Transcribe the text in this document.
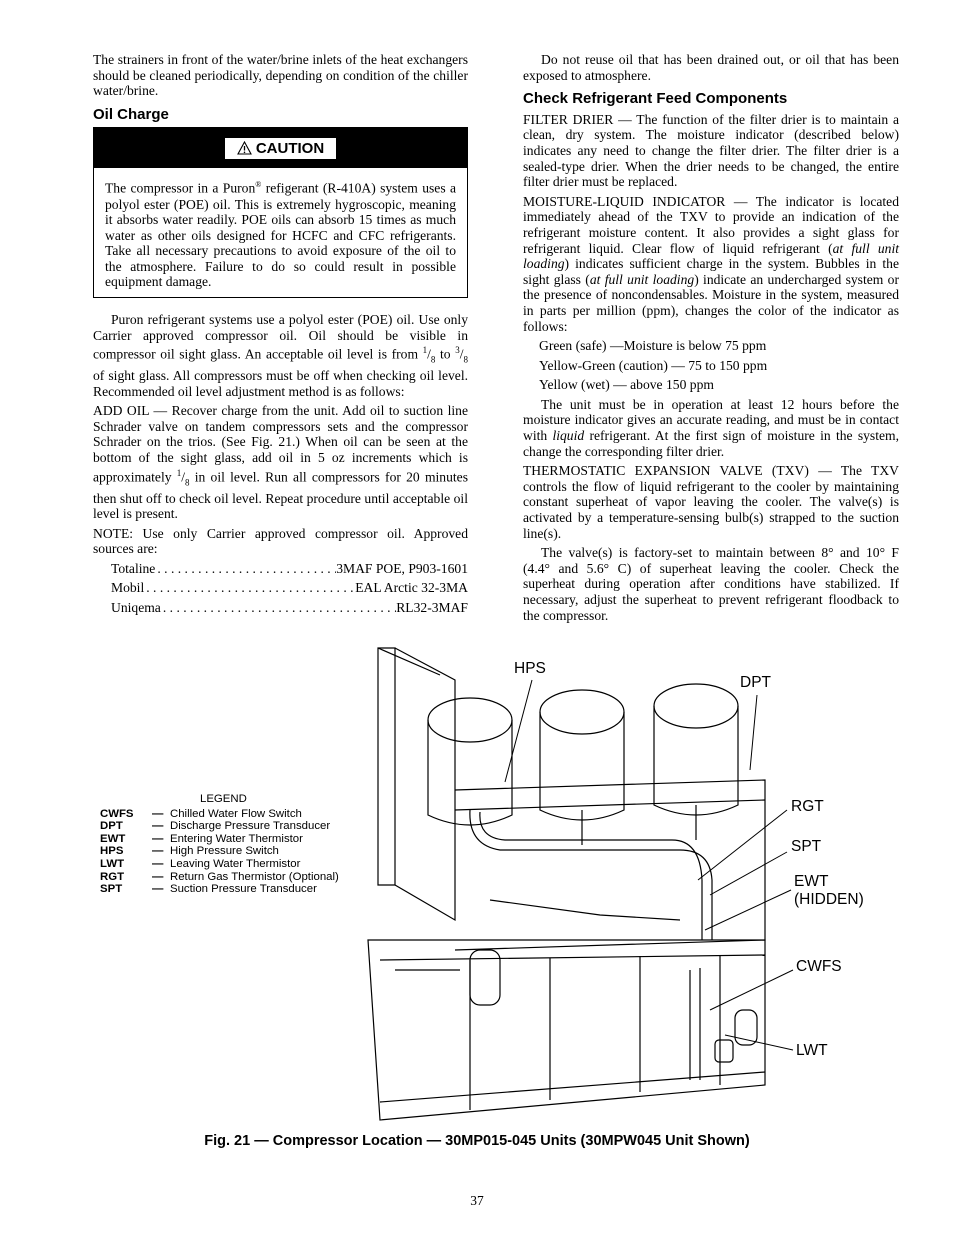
The strainers in front of the water/brine inlets of the heat exchangers should be cleaned periodically, depending on condition of the chiller water/brine.

Oil Charge
CAUTION
The compressor in a Puron® refigerant (R-410A) system uses a polyol ester (POE) oil. This is extremely hygroscopic, meaning it absorbs water readily. POE oils can absorb 15 times as much water as other oils designed for HCFC and CFC refrigerants. Take all necessary precautions to avoid exposure of the oil to the atmosphere. Failure to do so could result in possible equipment damage.

Puron refrigerant systems use a polyol ester (POE) oil. Use only Carrier approved compressor oil. Oil should be visible in compressor oil sight glass. An acceptable oil level is from $^1/_8$ to $^3/_8$ of sight glass. All compressors must be off when checking oil level. Recommended oil level adjustment method is as follows:

ADD OIL — Recover charge from the unit. Add oil to suction line Schrader valve on tandem compressors sets and the compressor Schrader on the trios. (See Fig. 21.) When oil can be seen at the bottom of the sight glass, add oil in 5 oz increments which is approximately $^1/_8$ in oil level. Run all compressors for 20 minutes then shut off to check oil level. Repeat procedure until acceptable oil level is present.

NOTE: Use only Carrier approved compressor oil. Approved sources are:

Totaline . . .	3MAF POE, P903-1601
Mobil . . .	EAL Arctic 32-3MA
Uniqema . . .	RL32-3MAF

Do not reuse oil that has been drained out, or oil that has been exposed to atmosphere.

Check Refrigerant Feed Components

FILTER DRIER — The function of the filter drier is to maintain a clean, dry system. The moisture indicator (described below) indicates any need to change the filter drier. The filter drier is a sealed-type drier. When the drier needs to be changed, the entire filter drier must be replaced.

MOISTURE-LIQUID INDICATOR — The indicator is located immediately ahead of the TXV to provide an indication of the refrigerant moisture content. It also provides a sight glass for refrigerant liquid. Clear flow of liquid refrigerant (at full unit loading) indicates sufficient charge in the system. Bubbles in the sight glass (at full unit loading) indicate an undercharged system or the presence of noncondensables. Moisture in the system, measured in parts per million (ppm), changes the color of the indicator as follows:

Green (safe) —Moisture is below 75 ppm

Yellow-Green (caution) — 75 to 150 ppm

Yellow (wet) — above 150 ppm

The unit must be in operation at least 12 hours before the moisture indicator gives an accurate reading, and must be in contact with liquid refrigerant. At the first sign of moisture in the system, change the corresponding filter drier.

THERMOSTATIC EXPANSION VALVE (TXV) — The TXV controls the flow of liquid refrigerant to the cooler by maintaining constant superheat of vapor leaving the cooler. The valve(s) is activated by a temperature-sensing bulb(s) strapped to the suction line(s).

The valve(s) is factory-set to maintain between 8° and 10° F (4.4° and 5.6° C) of superheat leaving the cooler. Check the superheat during operation after conditions have stabilized. If necessary, adjust the superheat to prevent refrigerant floodback to the compressor.

HPS
DPT
RGT
SPT
EWT
(HIDDEN)
CWFS
LWT
LEGEND
CWFS	— Chilled Water Flow Switch
DPT	— Discharge Pressure Transducer
EWT	— Entering Water Thermistor
HPS	— High Pressure Switch
LWT	— Leaving Water Thermistor
RGT	— Return Gas Thermistor (Optional)
SPT	— Suction Pressure Transducer
Fig. 21 — Compressor Location — 30MP015-045 Units (30MPW045 Unit Shown)
37
